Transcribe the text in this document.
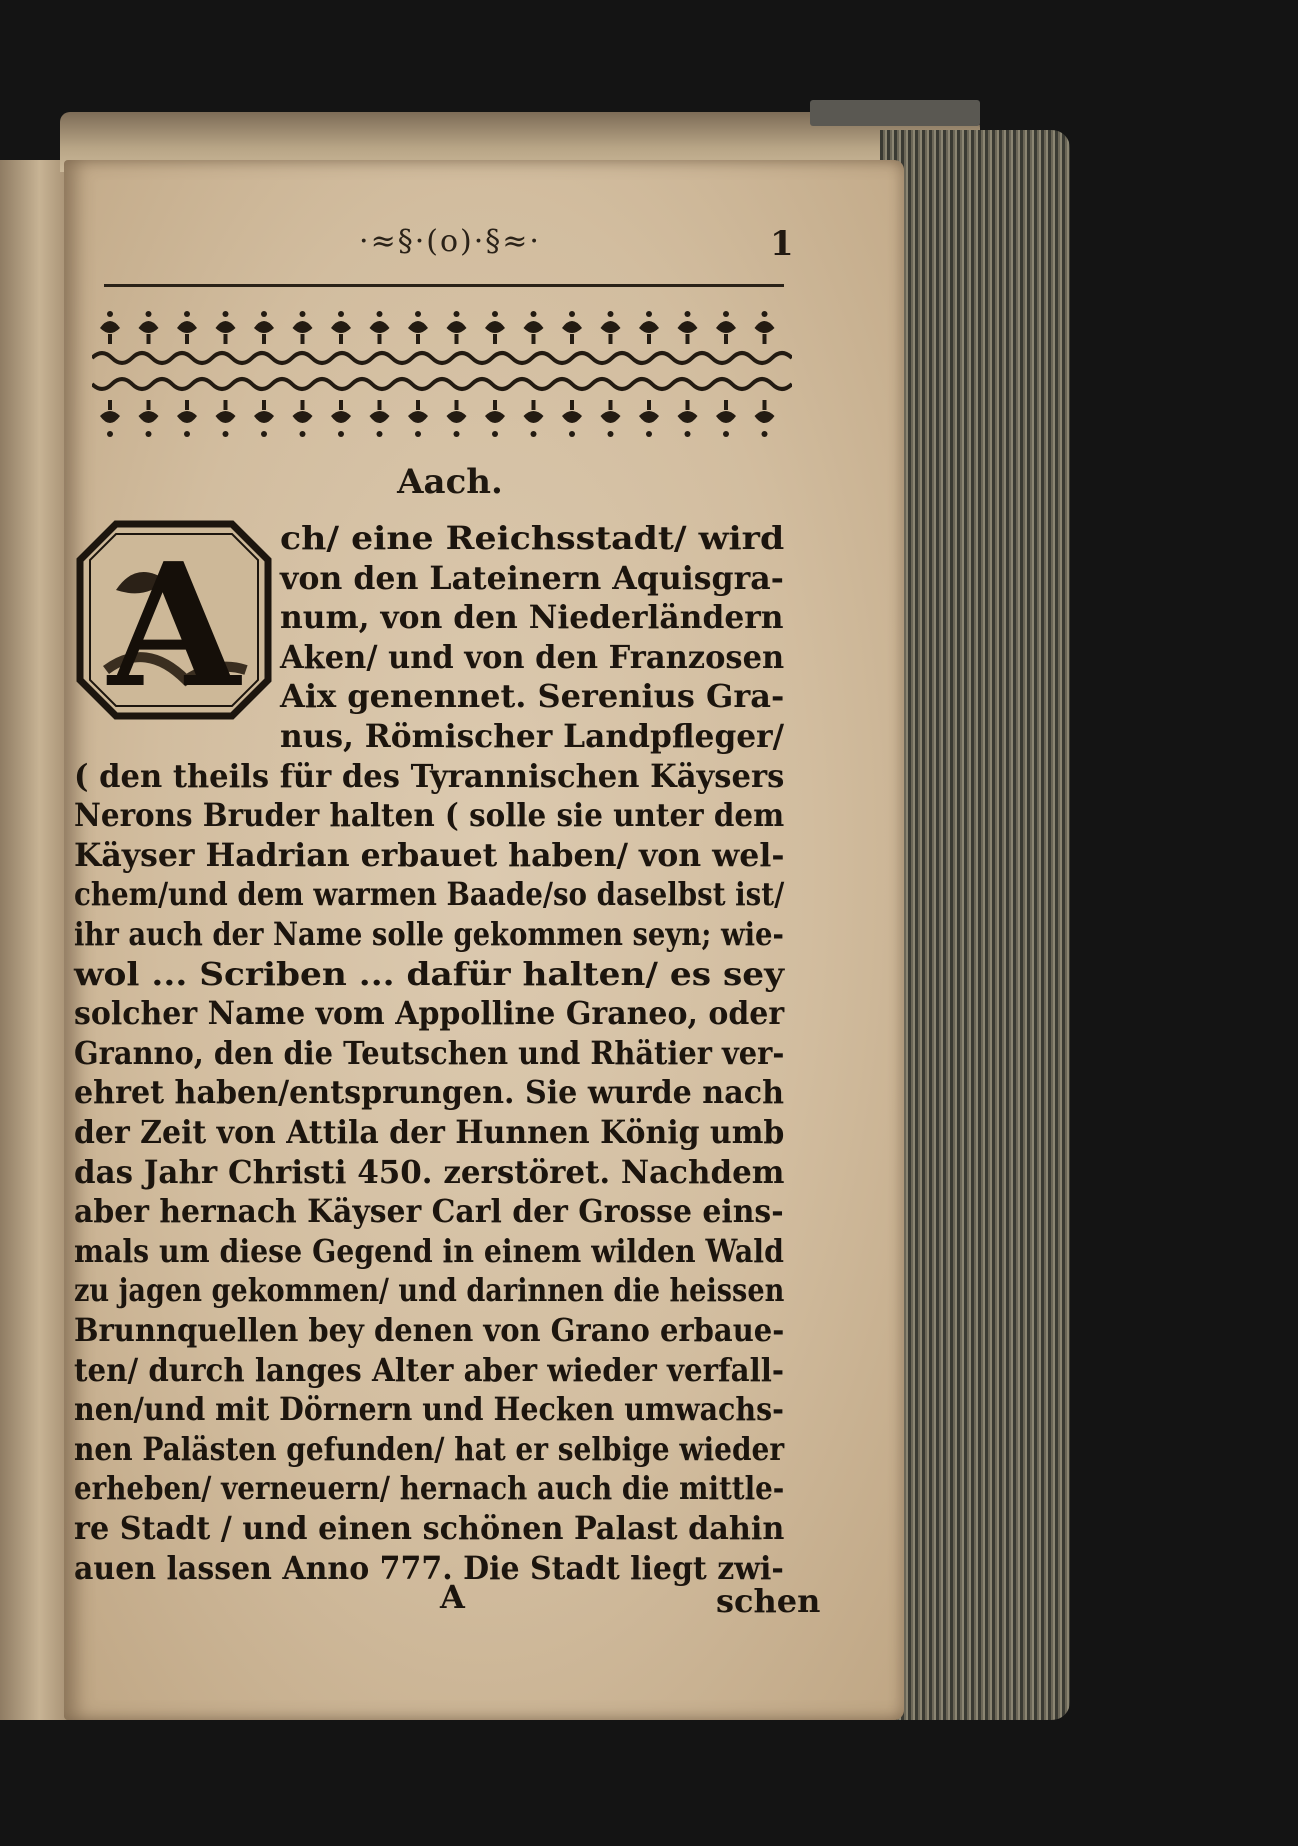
·≈§·(o)·§≈·	1
Aach.
A ch/ eine Reichsstadt/ wird
von den Lateinern Aquisgra-
num, von den Niederländern
Aken/ und von den Franzosen
Aix genennet. Serenius Gra-
nus, Römischer Landpfleger/
( den theils für des Tyrannischen Käysers
Nerons Bruder halten ( solle sie unter dem
Käyser Hadrian erbauet haben/ von wel-
chem/und dem warmen Baade/so daselbst ist/
ihr auch der Name solle gekommen seyn; wie-
wol ... Scriben ... dafür halten/ es sey
solcher Name vom Appolline Graneo, oder
Granno, den die Teutschen und Rhätier ver-
ehret haben/entsprungen. Sie wurde nach
der Zeit von Attila der Hunnen König umb
das Jahr Christi 450. zerstöret. Nachdem
aber hernach Käyser Carl der Grosse eins-
mals um diese Gegend in einem wilden Wald
zu jagen gekommen/ und darinnen die heissen
Brunnquellen bey denen von Grano erbaue-
ten/ durch langes Alter aber wieder verfall-
nen/und mit Dörnern und Hecken umwachs-
nen Palästen gefunden/ hat er selbige wieder
erheben/ verneuern/ hernach auch die mittle-
re Stadt / und einen schönen Palast dahin
auen lassen Anno 777. Die Stadt liegt zwi-
A	schen
